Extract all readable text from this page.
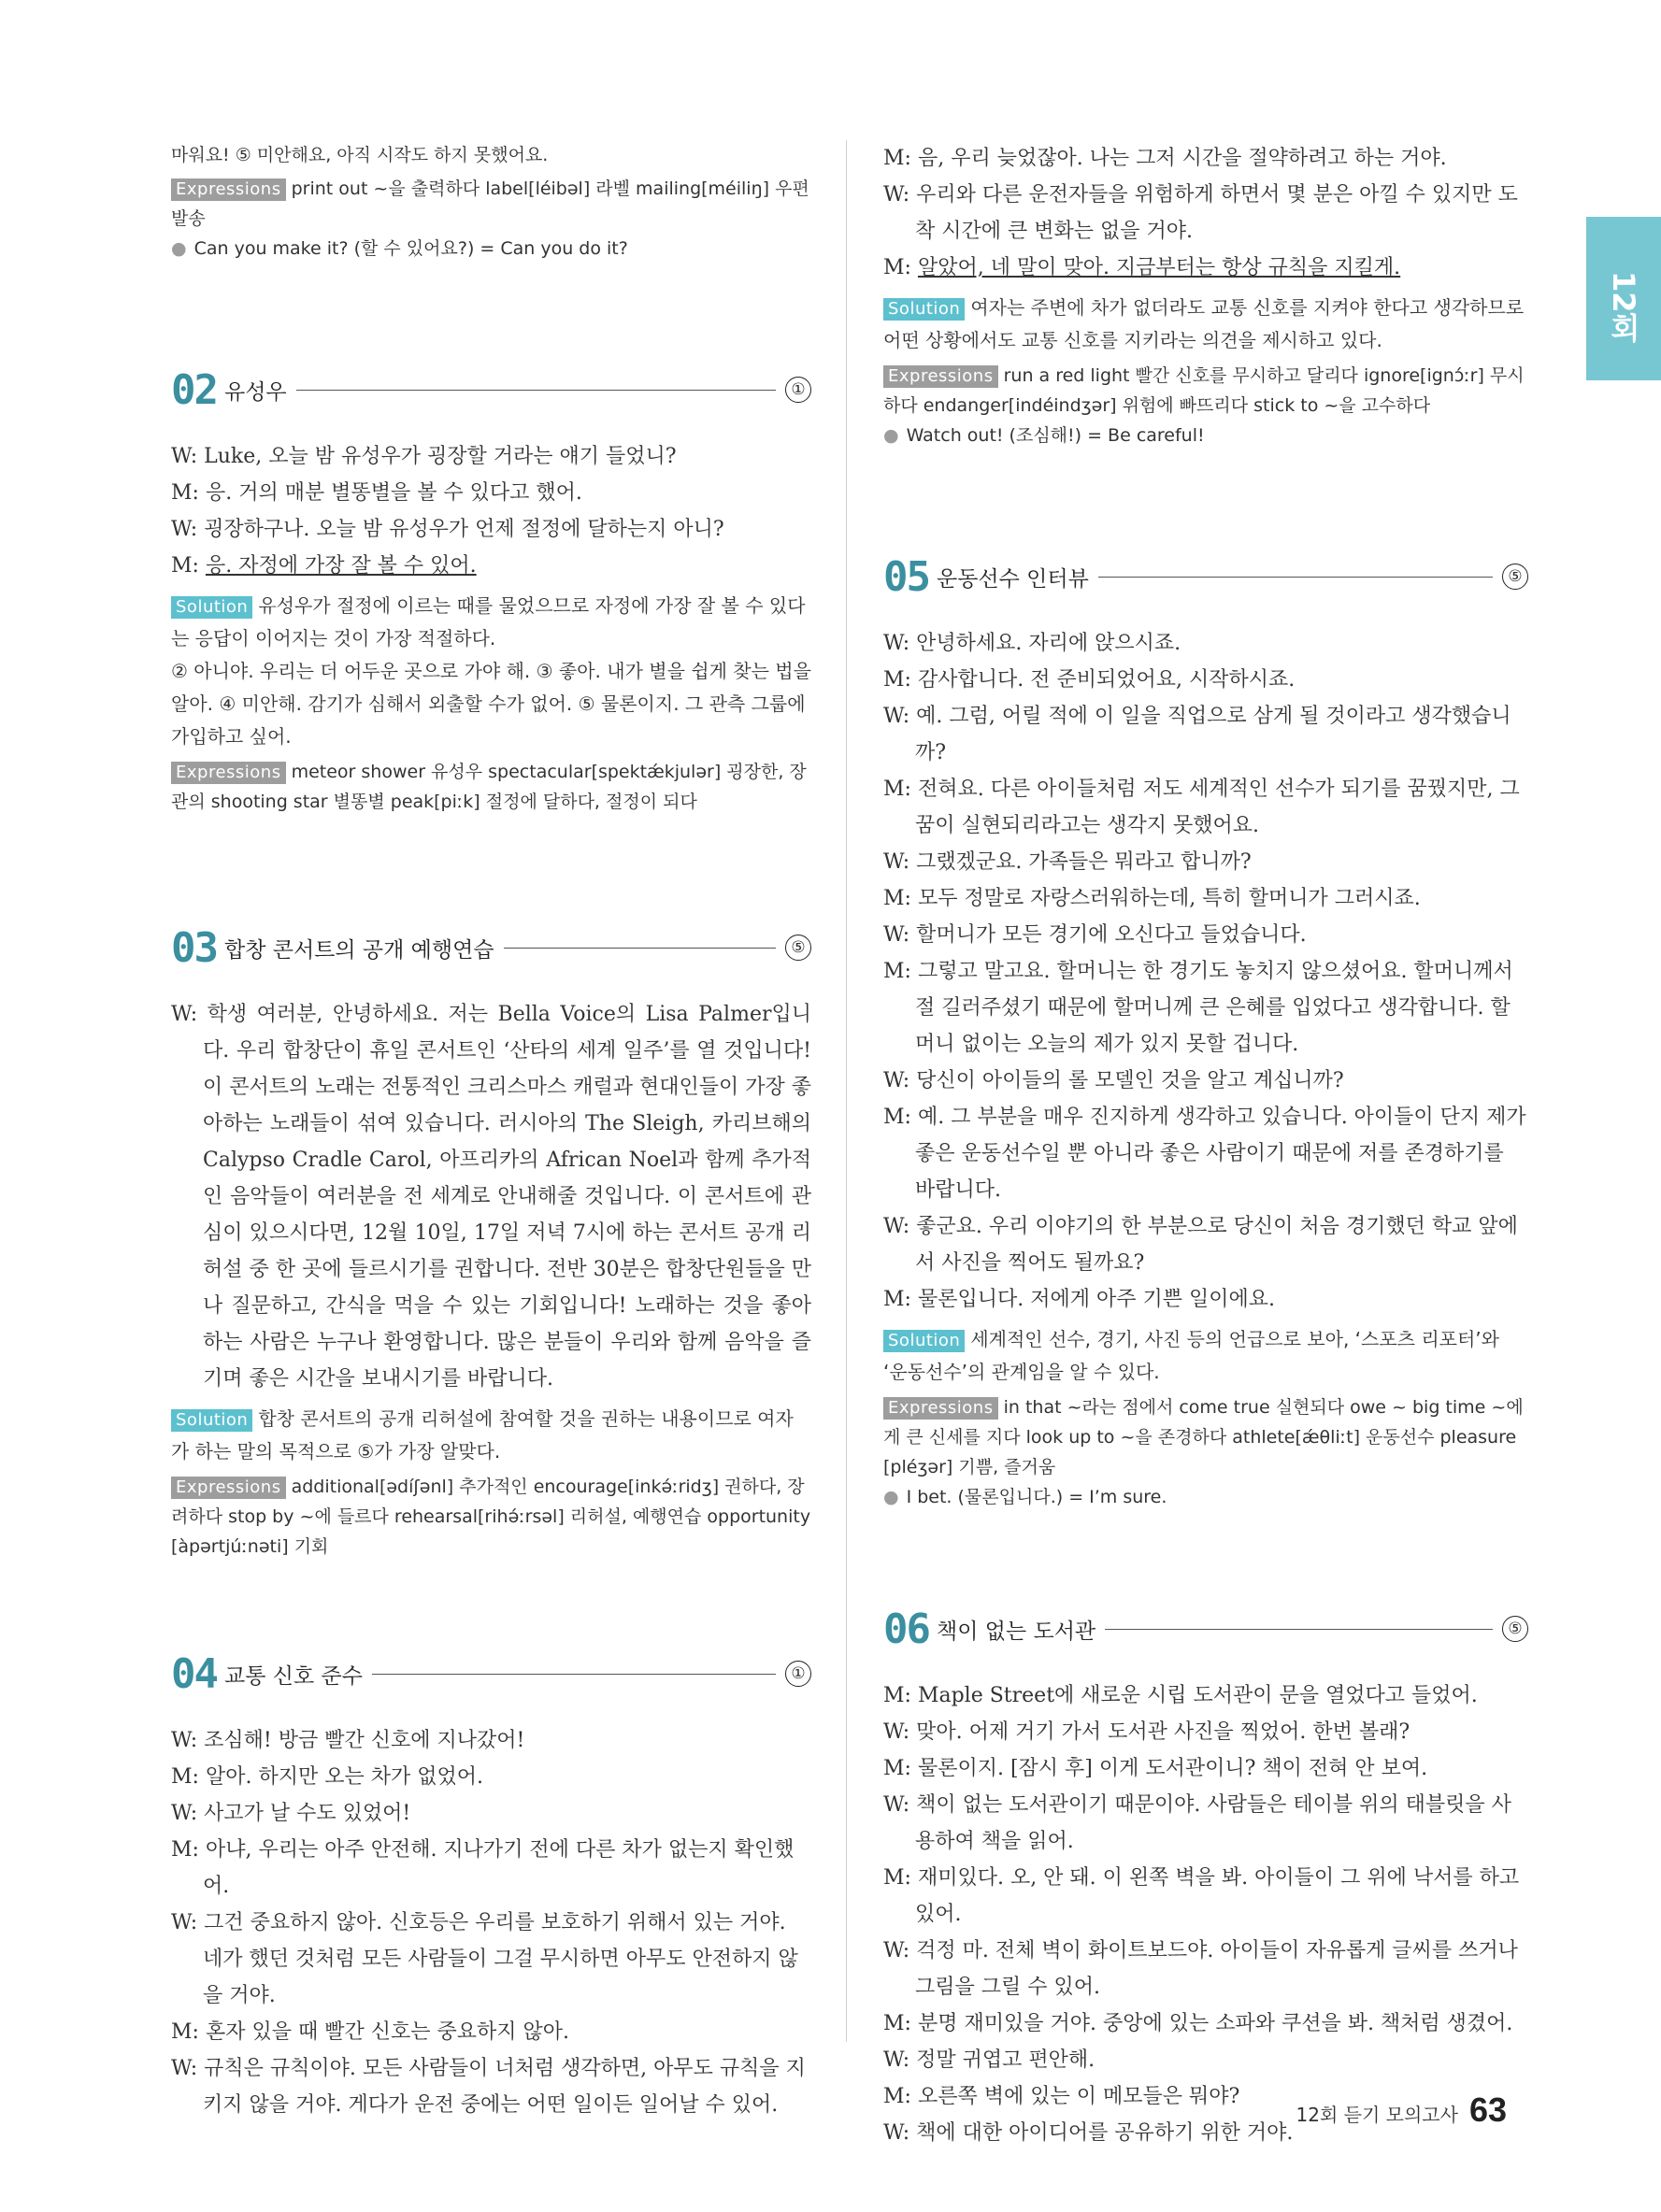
12회

마워요! ⑤ 미안해요, 아직 시작도 하지 못했어요.

Expressions print out ~을 출력하다 label[léibəl] 라벨 mailing[méiliŋ] 우편 발송

● Can you make it? (할 수 있어요?) = Can you do it?

02 유성우	①

W: Luke, 오늘 밤 유성우가 굉장할 거라는 얘기 들었니?

M: 응. 거의 매분 별똥별을 볼 수 있다고 했어.

W: 굉장하구나. 오늘 밤 유성우가 언제 절정에 달하는지 아니?

M: 응. 자정에 가장 잘 볼 수 있어.

Solution 유성우가 절정에 이르는 때를 물었으므로 자정에 가장 잘 볼 수 있다는 응답이 이어지는 것이 가장 적절하다.

② 아니야. 우리는 더 어두운 곳으로 가야 해. ③ 좋아. 내가 별을 쉽게 찾는 법을 알아. ④ 미안해. 감기가 심해서 외출할 수가 없어. ⑤ 물론이지. 그 관측 그룹에 가입하고 싶어.

Expressions meteor shower 유성우 spectacular[spektǽkjulər] 굉장한, 장관의 shooting star 별똥별 peak[piːk] 절정에 달하다, 절정이 되다

03 합창 콘서트의 공개 예행연습	⑤

W: 학생 여러분, 안녕하세요. 저는 Bella Voice의 Lisa Palmer입니다. 우리 합창단이 휴일 콘서트인 ‘산타의 세계 일주’를 열 것입니다! 이 콘서트의 노래는 전통적인 크리스마스 캐럴과 현대인들이 가장 좋아하는 노래들이 섞여 있습니다. 러시아의 The Sleigh, 카리브해의 Calypso Cradle Carol, 아프리카의 African Noel과 함께 추가적인 음악들이 여러분을 전 세계로 안내해줄 것입니다. 이 콘서트에 관심이 있으시다면, 12월 10일, 17일 저녁 7시에 하는 콘서트 공개 리허설 중 한 곳에 들르시기를 권합니다. 전반 30분은 합창단원들을 만나 질문하고, 간식을 먹을 수 있는 기회입니다! 노래하는 것을 좋아하는 사람은 누구나 환영합니다. 많은 분들이 우리와 함께 음악을 즐기며 좋은 시간을 보내시기를 바랍니다.

Solution 합창 콘서트의 공개 리허설에 참여할 것을 권하는 내용이므로 여자가 하는 말의 목적으로 ⑤가 가장 알맞다.

Expressions additional[ədíʃənl] 추가적인 encourage[inkə́ːridʒ] 권하다, 장려하다 stop by ~에 들르다 rehearsal[rihə́ːrsəl] 리허설, 예행연습 opportunity [àpərtjúːnəti] 기회

04 교통 신호 준수	①

W: 조심해! 방금 빨간 신호에 지나갔어!

M: 알아. 하지만 오는 차가 없었어.

W: 사고가 날 수도 있었어!

M: 아냐, 우리는 아주 안전해. 지나가기 전에 다른 차가 없는지 확인했어.

W: 그건 중요하지 않아. 신호등은 우리를 보호하기 위해서 있는 거야. 네가 했던 것처럼 모든 사람들이 그걸 무시하면 아무도 안전하지 않을 거야.

M: 혼자 있을 때 빨간 신호는 중요하지 않아.

W: 규칙은 규칙이야. 모든 사람들이 너처럼 생각하면, 아무도 규칙을 지키지 않을 거야. 게다가 운전 중에는 어떤 일이든 일어날 수 있어.

M: 음, 우리 늦었잖아. 나는 그저 시간을 절약하려고 하는 거야.

W: 우리와 다른 운전자들을 위험하게 하면서 몇 분은 아낄 수 있지만 도착 시간에 큰 변화는 없을 거야.

M: 알았어, 네 말이 맞아. 지금부터는 항상 규칙을 지킬게.

Solution 여자는 주변에 차가 없더라도 교통 신호를 지켜야 한다고 생각하므로 어떤 상황에서도 교통 신호를 지키라는 의견을 제시하고 있다.

Expressions run a red light 빨간 신호를 무시하고 달리다 ignore[ignɔ́ːr] 무시하다 endanger[indéindʒər] 위험에 빠뜨리다 stick to ~을 고수하다

● Watch out! (조심해!) = Be careful!

05 운동선수 인터뷰	⑤

W: 안녕하세요. 자리에 앉으시죠.

M: 감사합니다. 전 준비되었어요, 시작하시죠.

W: 예. 그럼, 어릴 적에 이 일을 직업으로 삼게 될 것이라고 생각했습니까?

M: 전혀요. 다른 아이들처럼 저도 세계적인 선수가 되기를 꿈꿨지만, 그 꿈이 실현되리라고는 생각지 못했어요.

W: 그랬겠군요. 가족들은 뭐라고 합니까?

M: 모두 정말로 자랑스러워하는데, 특히 할머니가 그러시죠.

W: 할머니가 모든 경기에 오신다고 들었습니다.

M: 그렇고 말고요. 할머니는 한 경기도 놓치지 않으셨어요. 할머니께서 절 길러주셨기 때문에 할머니께 큰 은혜를 입었다고 생각합니다. 할머니 없이는 오늘의 제가 있지 못할 겁니다.

W: 당신이 아이들의 롤 모델인 것을 알고 계십니까?

M: 예. 그 부분을 매우 진지하게 생각하고 있습니다. 아이들이 단지 제가 좋은 운동선수일 뿐 아니라 좋은 사람이기 때문에 저를 존경하기를 바랍니다.

W: 좋군요. 우리 이야기의 한 부분으로 당신이 처음 경기했던 학교 앞에서 사진을 찍어도 될까요?

M: 물론입니다. 저에게 아주 기쁜 일이에요.

Solution 세계적인 선수, 경기, 사진 등의 언급으로 보아, ‘스포츠 리포터’와 ‘운동선수’의 관계임을 알 수 있다.

Expressions in that ~라는 점에서 come true 실현되다 owe ~ big time ~에게 큰 신세를 지다 look up to ~을 존경하다 athlete[ǽθliːt] 운동선수 pleasure [pléʒər] 기쁨, 즐거움

● I bet. (물론입니다.) = I’m sure.

06 책이 없는 도서관	⑤

M: Maple Street에 새로운 시립 도서관이 문을 열었다고 들었어.

W: 맞아. 어제 거기 가서 도서관 사진을 찍었어. 한번 볼래?

M: 물론이지. [잠시 후] 이게 도서관이니? 책이 전혀 안 보여.

W: 책이 없는 도서관이기 때문이야. 사람들은 테이블 위의 태블릿을 사용하여 책을 읽어.

M: 재미있다. 오, 안 돼. 이 왼쪽 벽을 봐. 아이들이 그 위에 낙서를 하고 있어.

W: 걱정 마. 전체 벽이 화이트보드야. 아이들이 자유롭게 글씨를 쓰거나 그림을 그릴 수 있어.

M: 분명 재미있을 거야. 중앙에 있는 소파와 쿠션을 봐. 책처럼 생겼어.

W: 정말 귀엽고 편안해.

M: 오른쪽 벽에 있는 이 메모들은 뭐야?

W: 책에 대한 아이디어를 공유하기 위한 거야.

12회 듣기 모의고사 63
